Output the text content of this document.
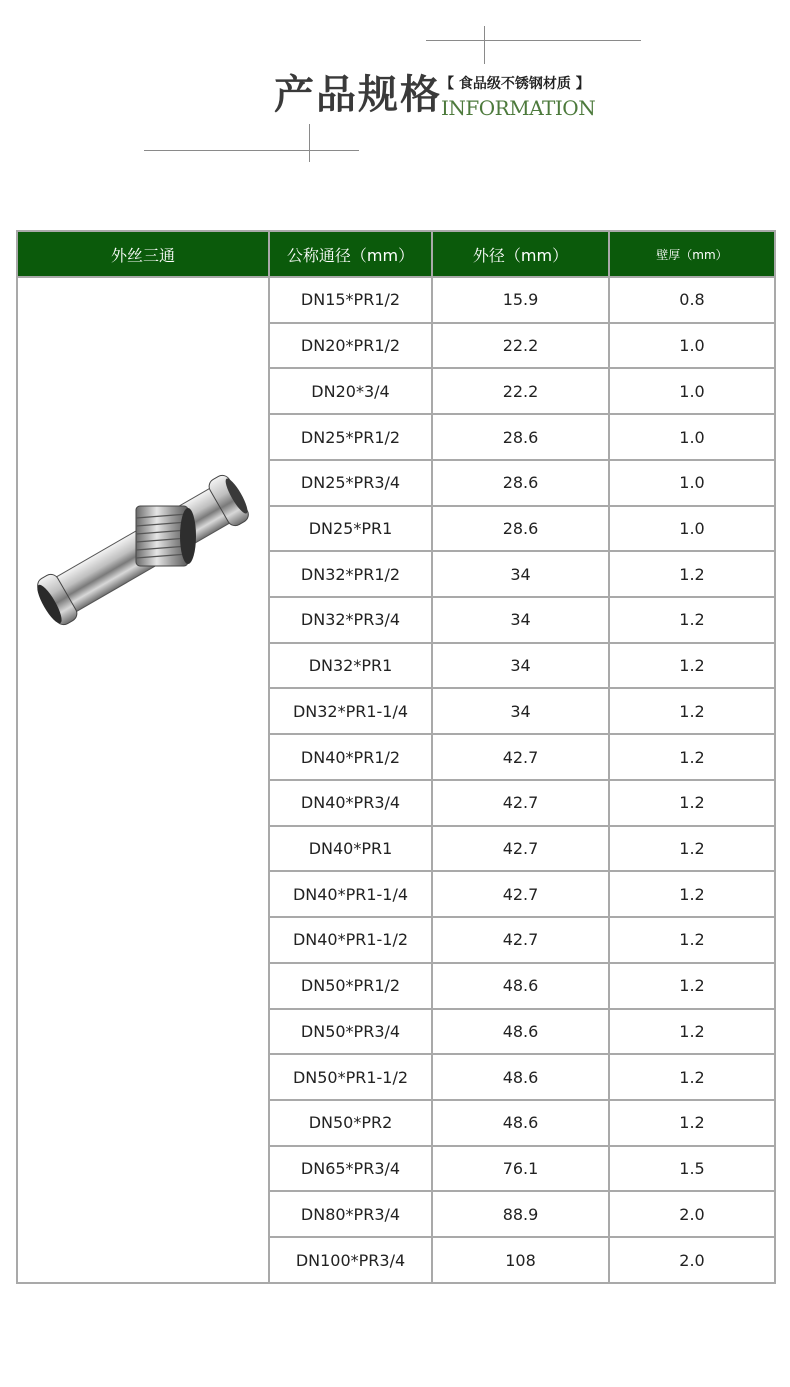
产品规格
【 食品级不锈钢材质 】
INFORMATION
外丝三通	公称通径（mm）	外径（mm）	壁厚（mm）
	DN15*PR1/2	15.9	0.8
	DN20*PR1/2	22.2	1.0
	DN20*3/4	22.2	1.0
	DN25*PR1/2	28.6	1.0
	DN25*PR3/4	28.6	1.0
	DN25*PR1	28.6	1.0
	DN32*PR1/2	34	1.2
	DN32*PR3/4	34	1.2
	DN32*PR1	34	1.2
	DN32*PR1-1/4	34	1.2
	DN40*PR1/2	42.7	1.2
	DN40*PR3/4	42.7	1.2
	DN40*PR1	42.7	1.2
	DN40*PR1-1/4	42.7	1.2
	DN40*PR1-1/2	42.7	1.2
	DN50*PR1/2	48.6	1.2
	DN50*PR3/4	48.6	1.2
	DN50*PR1-1/2	48.6	1.2
	DN50*PR2	48.6	1.2
	DN65*PR3/4	76.1	1.5
	DN80*PR3/4	88.9	2.0
	DN100*PR3/4	108	2.0
